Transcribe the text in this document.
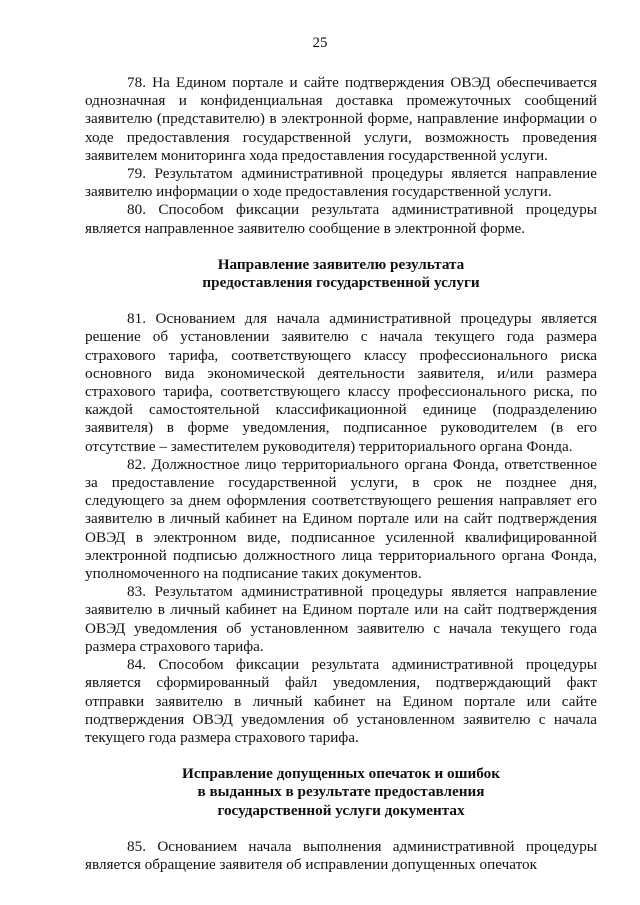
25

78. На Едином портале и сайте подтверждения ОВЭД обеспечивается однозначная и конфиденциальная доставка промежуточных сообщений заявителю (представителю) в электронной форме, направление информации о ходе предоставления государственной услуги, возможность проведения заявителем мониторинга хода предоставления государственной услуги.

79. Результатом административной процедуры является направление заявителю информации о ходе предоставления государственной услуги.

80. Способом фиксации результата административной процедуры является направленное заявителю сообщение в электронной форме.

Направление заявителю результата
предоставления государственной услуги

81. Основанием для начала административной процедуры является решение об установлении заявителю с начала текущего года размера страхового тарифа, соответствующего классу профессионального риска основного вида экономической деятельности заявителя, и/или размера страхового тарифа, соответствующего классу профессионального риска, по каждой самостоятельной классификационной единице (подразделению заявителя) в форме уведомления, подписанное руководителем (в его отсутствие – заместителем руководителя) территориального органа Фонда.

82. Должностное лицо территориального органа Фонда, ответственное за предоставление государственной услуги, в срок не позднее дня, следующего за днем оформления соответствующего решения направляет его заявителю в личный кабинет на Едином портале или на сайт подтверждения ОВЭД в электронном виде, подписанное усиленной квалифицированной электронной подписью должностного лица территориального органа Фонда, уполномоченного на подписание таких документов.

83. Результатом административной процедуры является направление заявителю в личный кабинет на Едином портале или на сайт подтверждения ОВЭД уведомления об установленном заявителю с начала текущего года размера страхового тарифа.

84. Способом фиксации результата административной процедуры является сформированный файл уведомления, подтверждающий факт отправки заявителю в личный кабинет на Едином портале или сайте подтверждения ОВЭД уведомления об установленном заявителю с начала текущего года размера страхового тарифа.

Исправление допущенных опечаток и ошибок
в выданных в результате предоставления
государственной услуги документах

85. Основанием начала выполнения административной процедуры является обращение заявителя об исправлении допущенных опечаток
